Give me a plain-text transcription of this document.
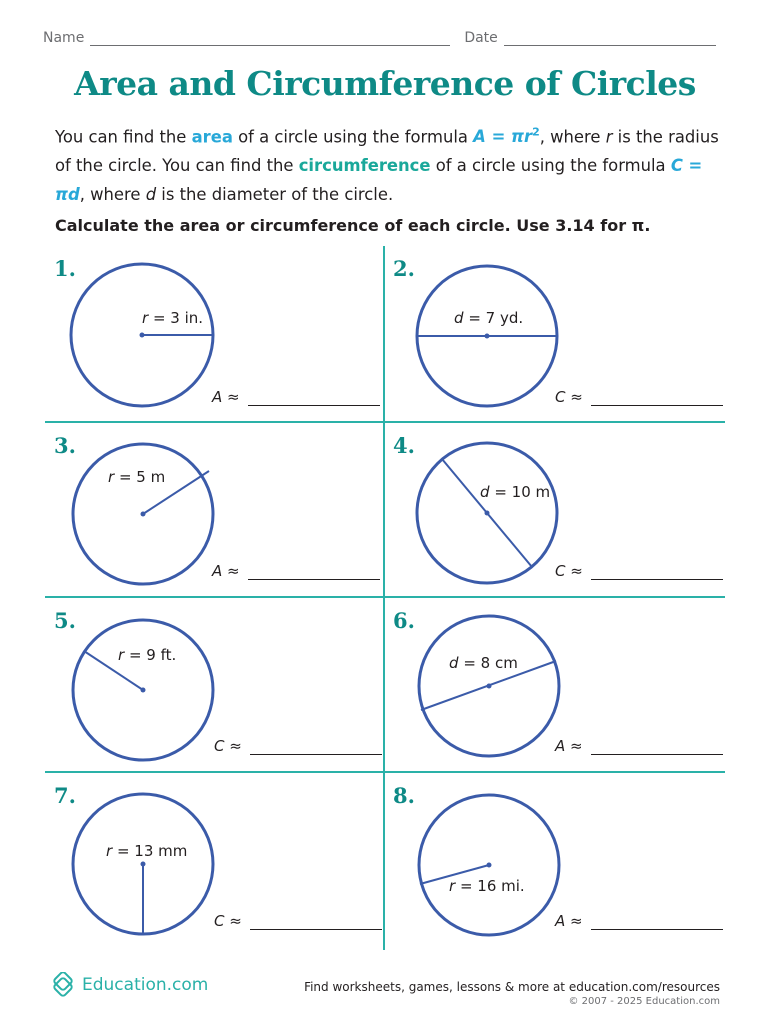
Name	Date
Area and Circumference of Circles
You can find the area of a circle using the formula $A = \pi r^2$, where r is the radius of the circle. You can find the circumference of a circle using the formula C = πd, where d is the diameter of the circle.
Calculate the area or circumference of each circle. Use 3.14 for π.
1.
r = 3 in.
A ≈
2.
d = 7 yd.
C ≈
3.
r = 5 m
A ≈
4.
d = 10 m
C ≈
5.
r = 9 ft.
C ≈
6.
d = 8 cm
A ≈
7.
r = 13 mm
C ≈
8.
r = 16 mi.
A ≈
Education.com	Find worksheets, games, lessons & more at education.com/resources
© 2007 - 2025 Education.com
